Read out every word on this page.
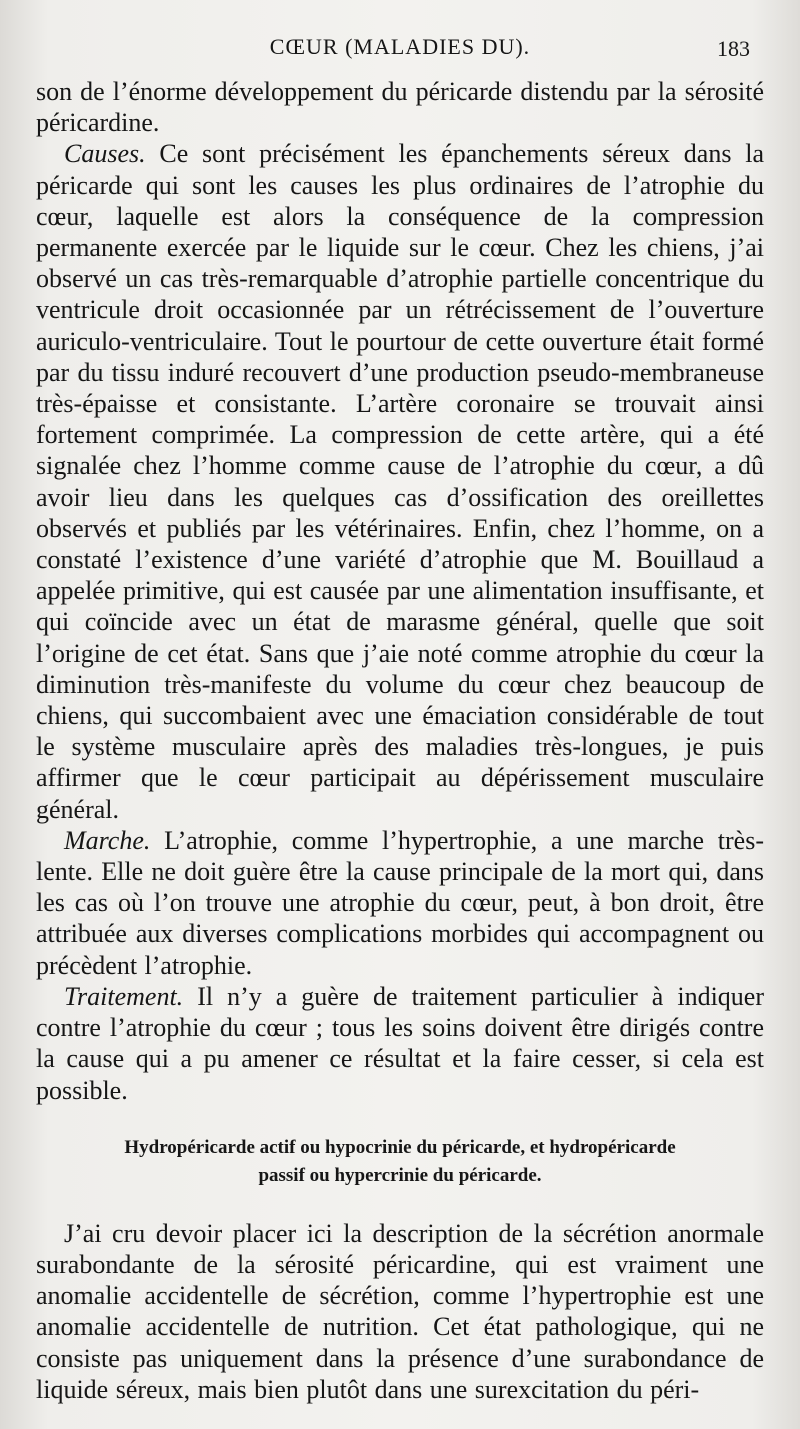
CŒUR (MALADIES DU).	183

son de l’énorme développement du péricarde distendu par la sérosité péricardine.

Causes. Ce sont précisément les épanchements séreux dans la péricarde qui sont les causes les plus ordinaires de l’atrophie du cœur, laquelle est alors la conséquence de la compression permanente exercée par le liquide sur le cœur. Chez les chiens, j’ai observé un cas très-remarquable d’atrophie partielle concentrique du ventricule droit occasionnée par un rétrécissement de l’ouverture auriculo-ventriculaire. Tout le pourtour de cette ouverture était formé par du tissu induré recouvert d’une production pseudo-membraneuse très-épaisse et consistante. L’artère coronaire se trouvait ainsi fortement comprimée. La compression de cette artère, qui a été signalée chez l’homme comme cause de l’atrophie du cœur, a dû avoir lieu dans les quelques cas d’ossification des oreillettes observés et publiés par les vétérinaires. Enfin, chez l’homme, on a constaté l’existence d’une variété d’atrophie que M. Bouillaud a appelée primitive, qui est causée par une alimentation insuffisante, et qui coïncide avec un état de marasme général, quelle que soit l’origine de cet état. Sans que j’aie noté comme atrophie du cœur la diminution très-manifeste du volume du cœur chez beaucoup de chiens, qui succombaient avec une émaciation considérable de tout le système musculaire après des maladies très-longues, je puis affirmer que le cœur participait au dépérissement musculaire général.

Marche. L’atrophie, comme l’hypertrophie, a une marche très-lente. Elle ne doit guère être la cause principale de la mort qui, dans les cas où l’on trouve une atrophie du cœur, peut, à bon droit, être attribuée aux diverses complications morbides qui accompagnent ou précèdent l’atrophie.

Traitement. Il n’y a guère de traitement particulier à indiquer contre l’atrophie du cœur ; tous les soins doivent être dirigés contre la cause qui a pu amener ce résultat et la faire cesser, si cela est possible.

Hydropéricarde actif ou hypocrinie du péricarde, et hydropéricarde
passif ou hypercrinie du péricarde.

J’ai cru devoir placer ici la description de la sécrétion anormale surabondante de la sérosité péricardine, qui est vraiment une anomalie accidentelle de sécrétion, comme l’hypertrophie est une anomalie accidentelle de nutrition. Cet état pathologique, qui ne consiste pas uniquement dans la présence d’une surabondance de liquide séreux, mais bien plutôt dans une surexcitation du péri-
